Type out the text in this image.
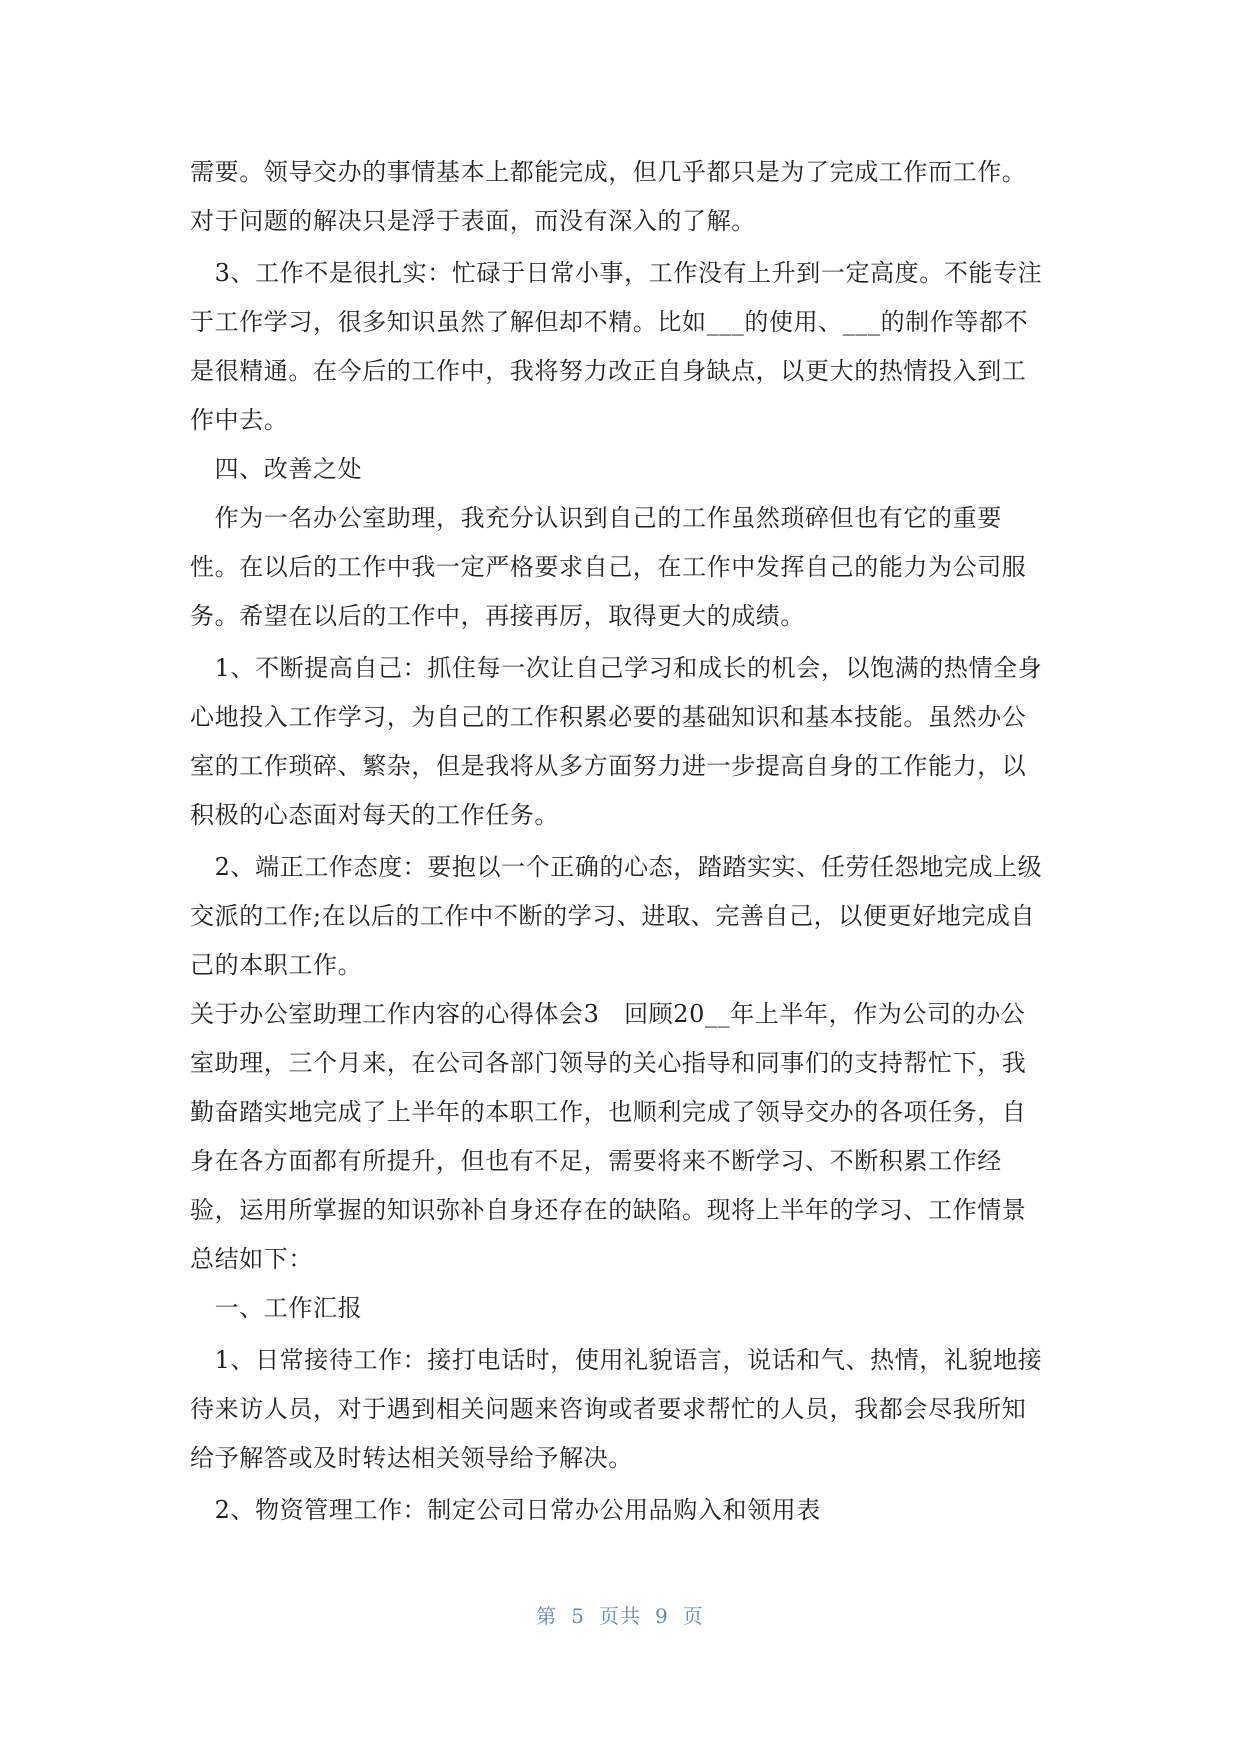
需要。领导交办的事情基本上都能完成，但几乎都只是为了完成工作而工作。
对于问题的解决只是浮于表面，而没有深入的了解。
　3、工作不是很扎实：忙碌于日常小事，工作没有上升到一定高度。不能专注
于工作学习，很多知识虽然了解但却不精。比如___的使用、___的制作等都不
是很精通。在今后的工作中，我将努力改正自身缺点，以更大的热情投入到工
作中去。
　四、改善之处
　作为一名办公室助理，我充分认识到自己的工作虽然琐碎但也有它的重要
性。在以后的工作中我一定严格要求自己，在工作中发挥自己的能力为公司服
务。希望在以后的工作中，再接再厉，取得更大的成绩。
　1、不断提高自己：抓住每一次让自己学习和成长的机会，以饱满的热情全身
心地投入工作学习，为自己的工作积累必要的基础知识和基本技能。虽然办公
室的工作琐碎、繁杂，但是我将从多方面努力进一步提高自身的工作能力，以
积极的心态面对每天的工作任务。
　2、端正工作态度：要抱以一个正确的心态，踏踏实实、任劳任怨地完成上级
交派的工作;在以后的工作中不断的学习、进取、完善自己，以便更好地完成自
己的本职工作。
关于办公室助理工作内容的心得体会3　回顾20__年上半年，作为公司的办公
室助理，三个月来，在公司各部门领导的关心指导和同事们的支持帮忙下，我
勤奋踏实地完成了上半年的本职工作，也顺利完成了领导交办的各项任务，自
身在各方面都有所提升，但也有不足，需要将来不断学习、不断积累工作经
验，运用所掌握的知识弥补自身还存在的缺陷。现将上半年的学习、工作情景
总结如下：
　一、工作汇报
　1、日常接待工作：接打电话时，使用礼貌语言，说话和气、热情，礼貌地接
待来访人员，对于遇到相关问题来咨询或者要求帮忙的人员，我都会尽我所知
给予解答或及时转达相关领导给予解决。
　2、物资管理工作：制定公司日常办公用品购入和领用表
第 5 页共 9 页
